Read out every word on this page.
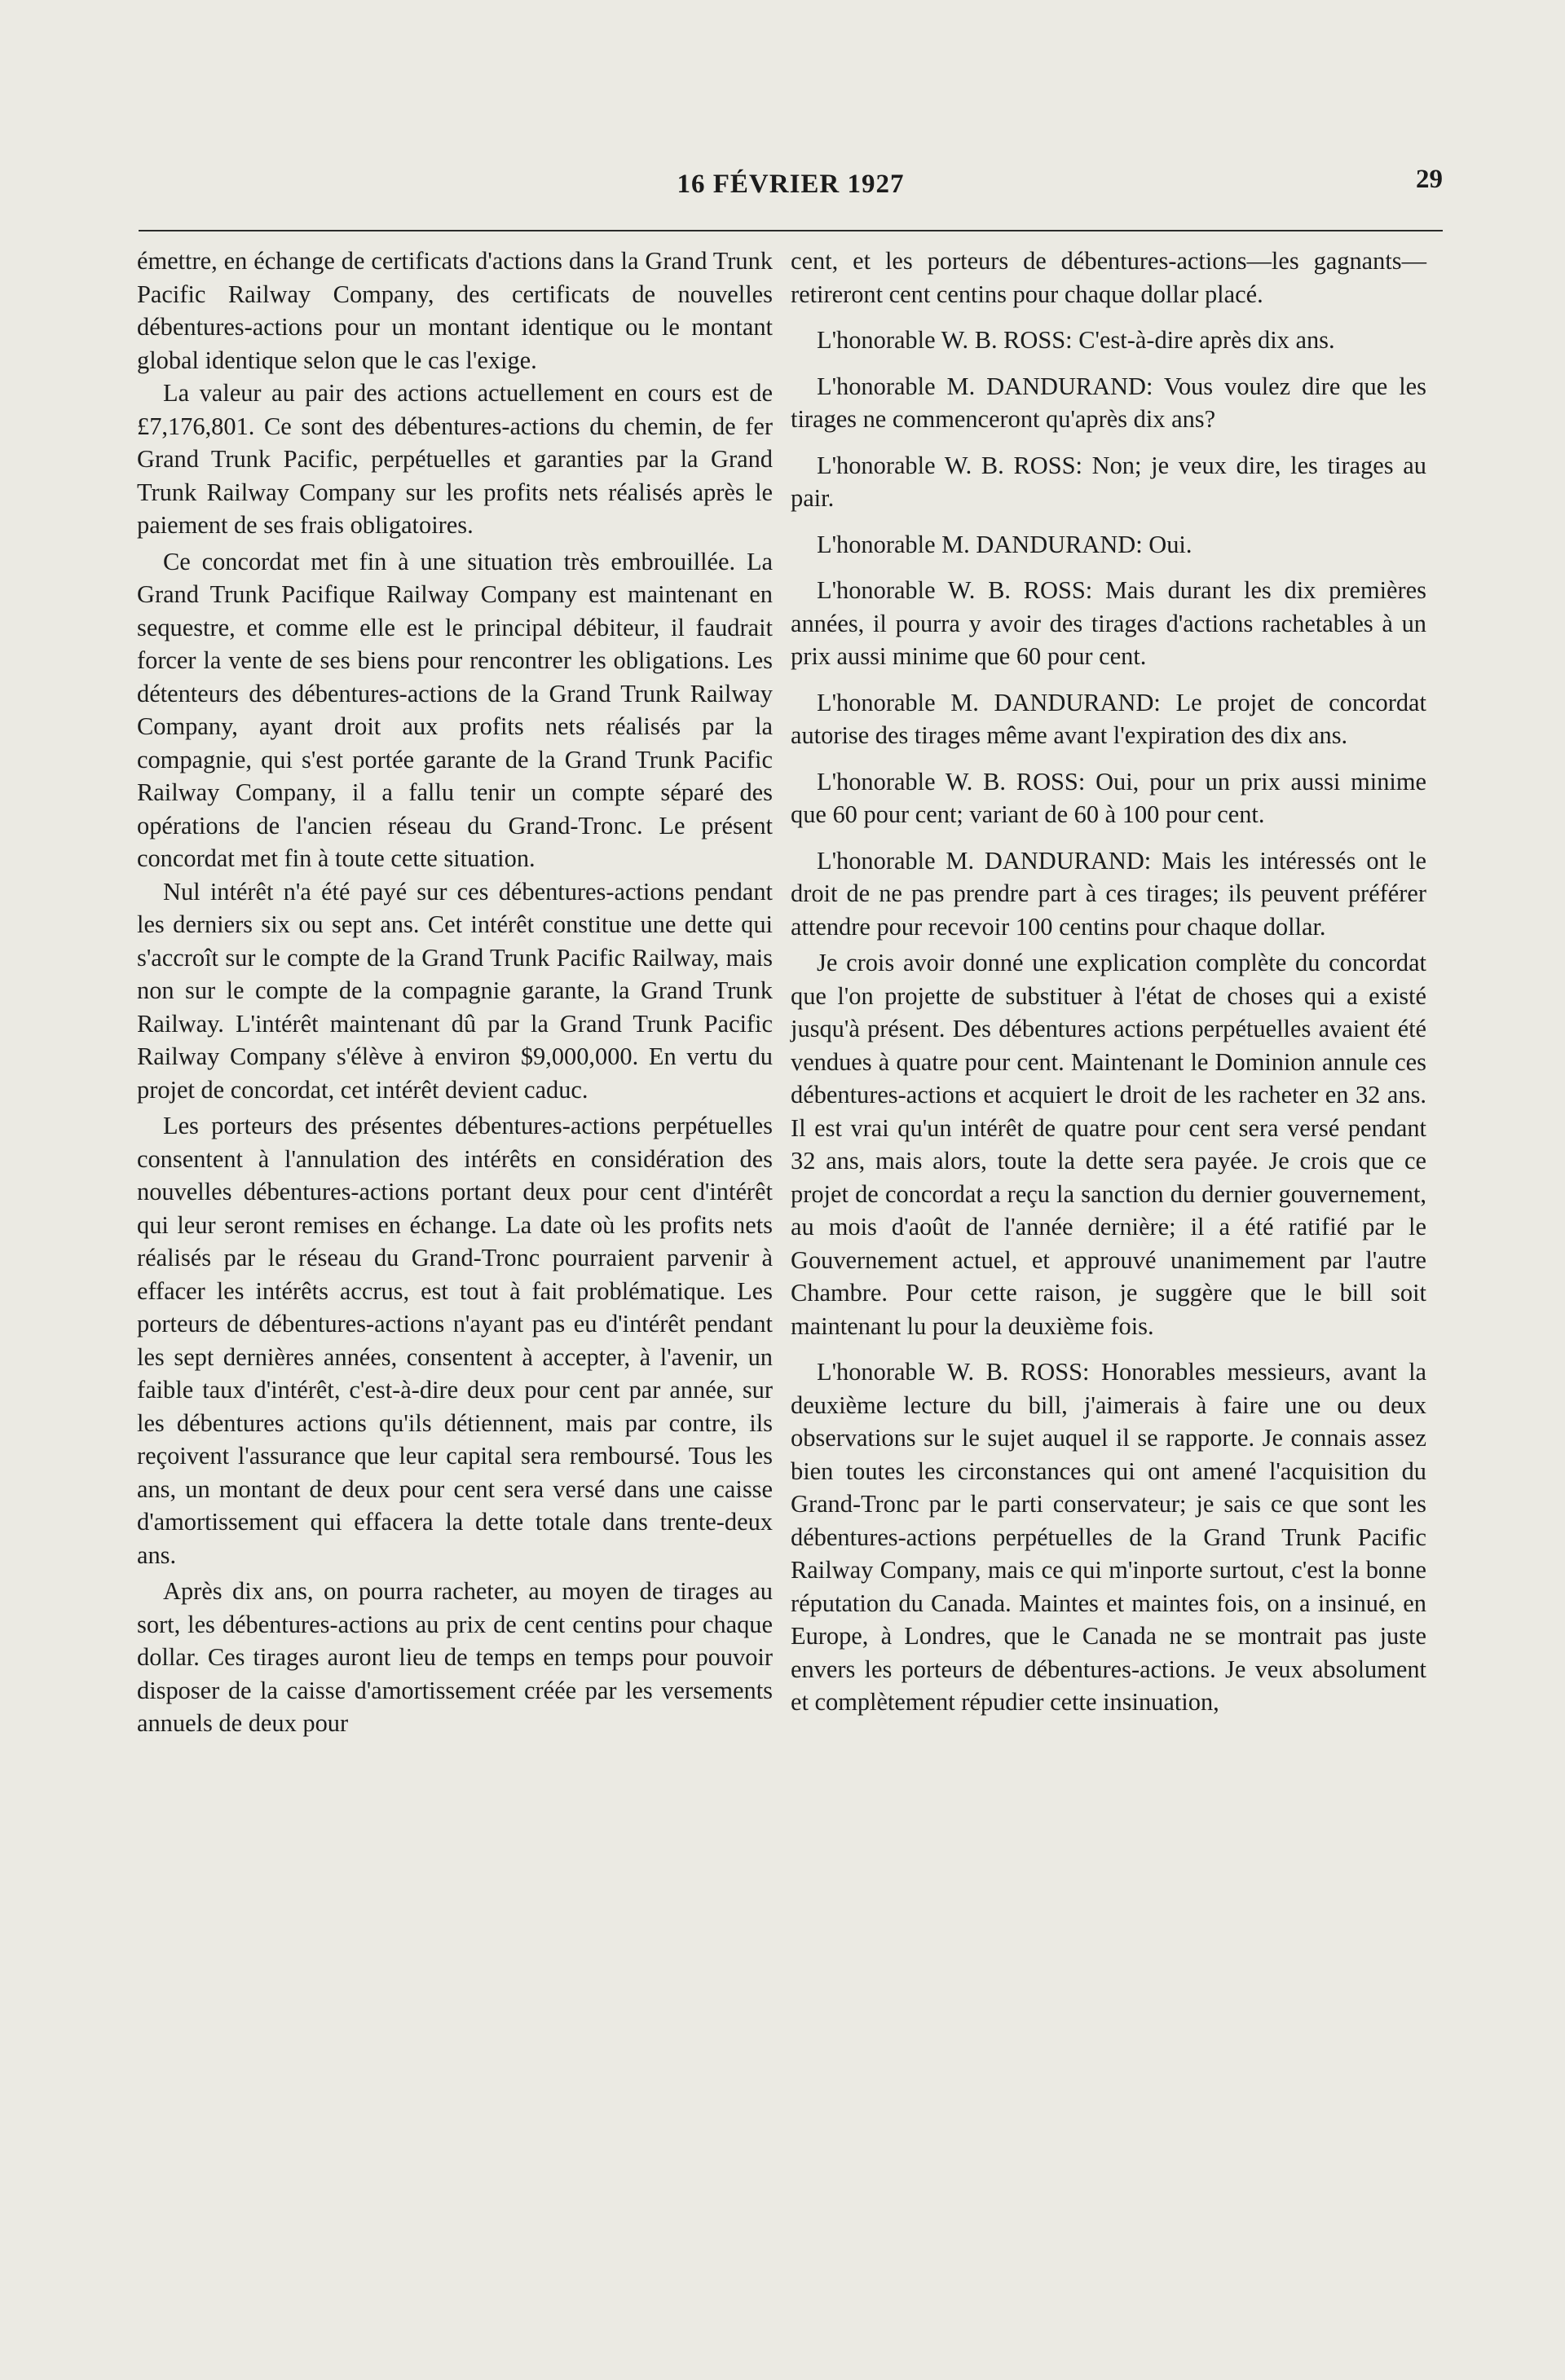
16 FÉVRIER 1927	29

émettre, en échange de certificats d'actions dans la Grand Trunk Pacific Railway Company, des certificats de nouvelles débentures-actions pour un montant identique ou le montant global identique selon que le cas l'exige.

La valeur au pair des actions actuellement en cours est de £7,176,801. Ce sont des débentures-actions du chemin, de fer Grand Trunk Pacific, perpétuelles et garanties par la Grand Trunk Railway Company sur les profits nets réalisés après le paiement de ses frais obligatoires.

Ce concordat met fin à une situation très embrouillée. La Grand Trunk Pacifique Railway Company est maintenant en sequestre, et comme elle est le principal débiteur, il faudrait forcer la vente de ses biens pour rencontrer les obligations. Les détenteurs des débentures-actions de la Grand Trunk Railway Company, ayant droit aux profits nets réalisés par la compagnie, qui s'est portée garante de la Grand Trunk Pacific Railway Company, il a fallu tenir un compte séparé des opérations de l'ancien réseau du Grand-Tronc. Le présent concordat met fin à toute cette situation.

Nul intérêt n'a été payé sur ces débentures-actions pendant les derniers six ou sept ans. Cet intérêt constitue une dette qui s'accroît sur le compte de la Grand Trunk Pacific Railway, mais non sur le compte de la compagnie garante, la Grand Trunk Railway. L'intérêt maintenant dû par la Grand Trunk Pacific Railway Company s'élève à environ $9,000,000. En vertu du projet de concordat, cet intérêt devient caduc.

Les porteurs des présentes débentures-actions perpétuelles consentent à l'annulation des intérêts en considération des nouvelles débentures-actions portant deux pour cent d'intérêt qui leur seront remises en échange. La date où les profits nets réalisés par le réseau du Grand-Tronc pourraient parvenir à effacer les intérêts accrus, est tout à fait problématique. Les porteurs de débentures-actions n'ayant pas eu d'intérêt pendant les sept dernières années, consentent à accepter, à l'avenir, un faible taux d'intérêt, c'est-à-dire deux pour cent par année, sur les débentures actions qu'ils détiennent, mais par contre, ils reçoivent l'assurance que leur capital sera remboursé. Tous les ans, un montant de deux pour cent sera versé dans une caisse d'amortissement qui effacera la dette totale dans trente-deux ans.

Après dix ans, on pourra racheter, au moyen de tirages au sort, les débentures-actions au prix de cent centins pour chaque dollar. Ces tirages auront lieu de temps en temps pour pouvoir disposer de la caisse d'amortissement créée par les versements annuels de deux pour

cent, et les porteurs de débentures-actions—les gagnants—retireront cent centins pour chaque dollar placé.

L'honorable W. B. ROSS: C'est-à-dire après dix ans.

L'honorable M. DANDURAND: Vous voulez dire que les tirages ne commenceront qu'après dix ans?

L'honorable W. B. ROSS: Non; je veux dire, les tirages au pair.

L'honorable M. DANDURAND: Oui.

L'honorable W. B. ROSS: Mais durant les dix premières années, il pourra y avoir des tirages d'actions rachetables à un prix aussi minime que 60 pour cent.

L'honorable M. DANDURAND: Le projet de concordat autorise des tirages même avant l'expiration des dix ans.

L'honorable W. B. ROSS: Oui, pour un prix aussi minime que 60 pour cent; variant de 60 à 100 pour cent.

L'honorable M. DANDURAND: Mais les intéressés ont le droit de ne pas prendre part à ces tirages; ils peuvent préférer attendre pour recevoir 100 centins pour chaque dollar.

Je crois avoir donné une explication complète du concordat que l'on projette de substituer à l'état de choses qui a existé jusqu'à présent. Des débentures actions perpétuelles avaient été vendues à quatre pour cent. Maintenant le Dominion annule ces débentures-actions et acquiert le droit de les racheter en 32 ans. Il est vrai qu'un intérêt de quatre pour cent sera versé pendant 32 ans, mais alors, toute la dette sera payée. Je crois que ce projet de concordat a reçu la sanction du dernier gouvernement, au mois d'août de l'année dernière; il a été ratifié par le Gouvernement actuel, et approuvé unanimement par l'autre Chambre. Pour cette raison, je suggère que le bill soit maintenant lu pour la deuxième fois.

L'honorable W. B. ROSS: Honorables messieurs, avant la deuxième lecture du bill, j'aimerais à faire une ou deux observations sur le sujet auquel il se rapporte. Je connais assez bien toutes les circonstances qui ont amené l'acquisition du Grand-Tronc par le parti conservateur; je sais ce que sont les débentures-actions perpétuelles de la Grand Trunk Pacific Railway Company, mais ce qui m'inporte surtout, c'est la bonne réputation du Canada. Maintes et maintes fois, on a insinué, en Europe, à Londres, que le Canada ne se montrait pas juste envers les porteurs de débentures-actions. Je veux absolument et complètement répudier cette insinuation,
